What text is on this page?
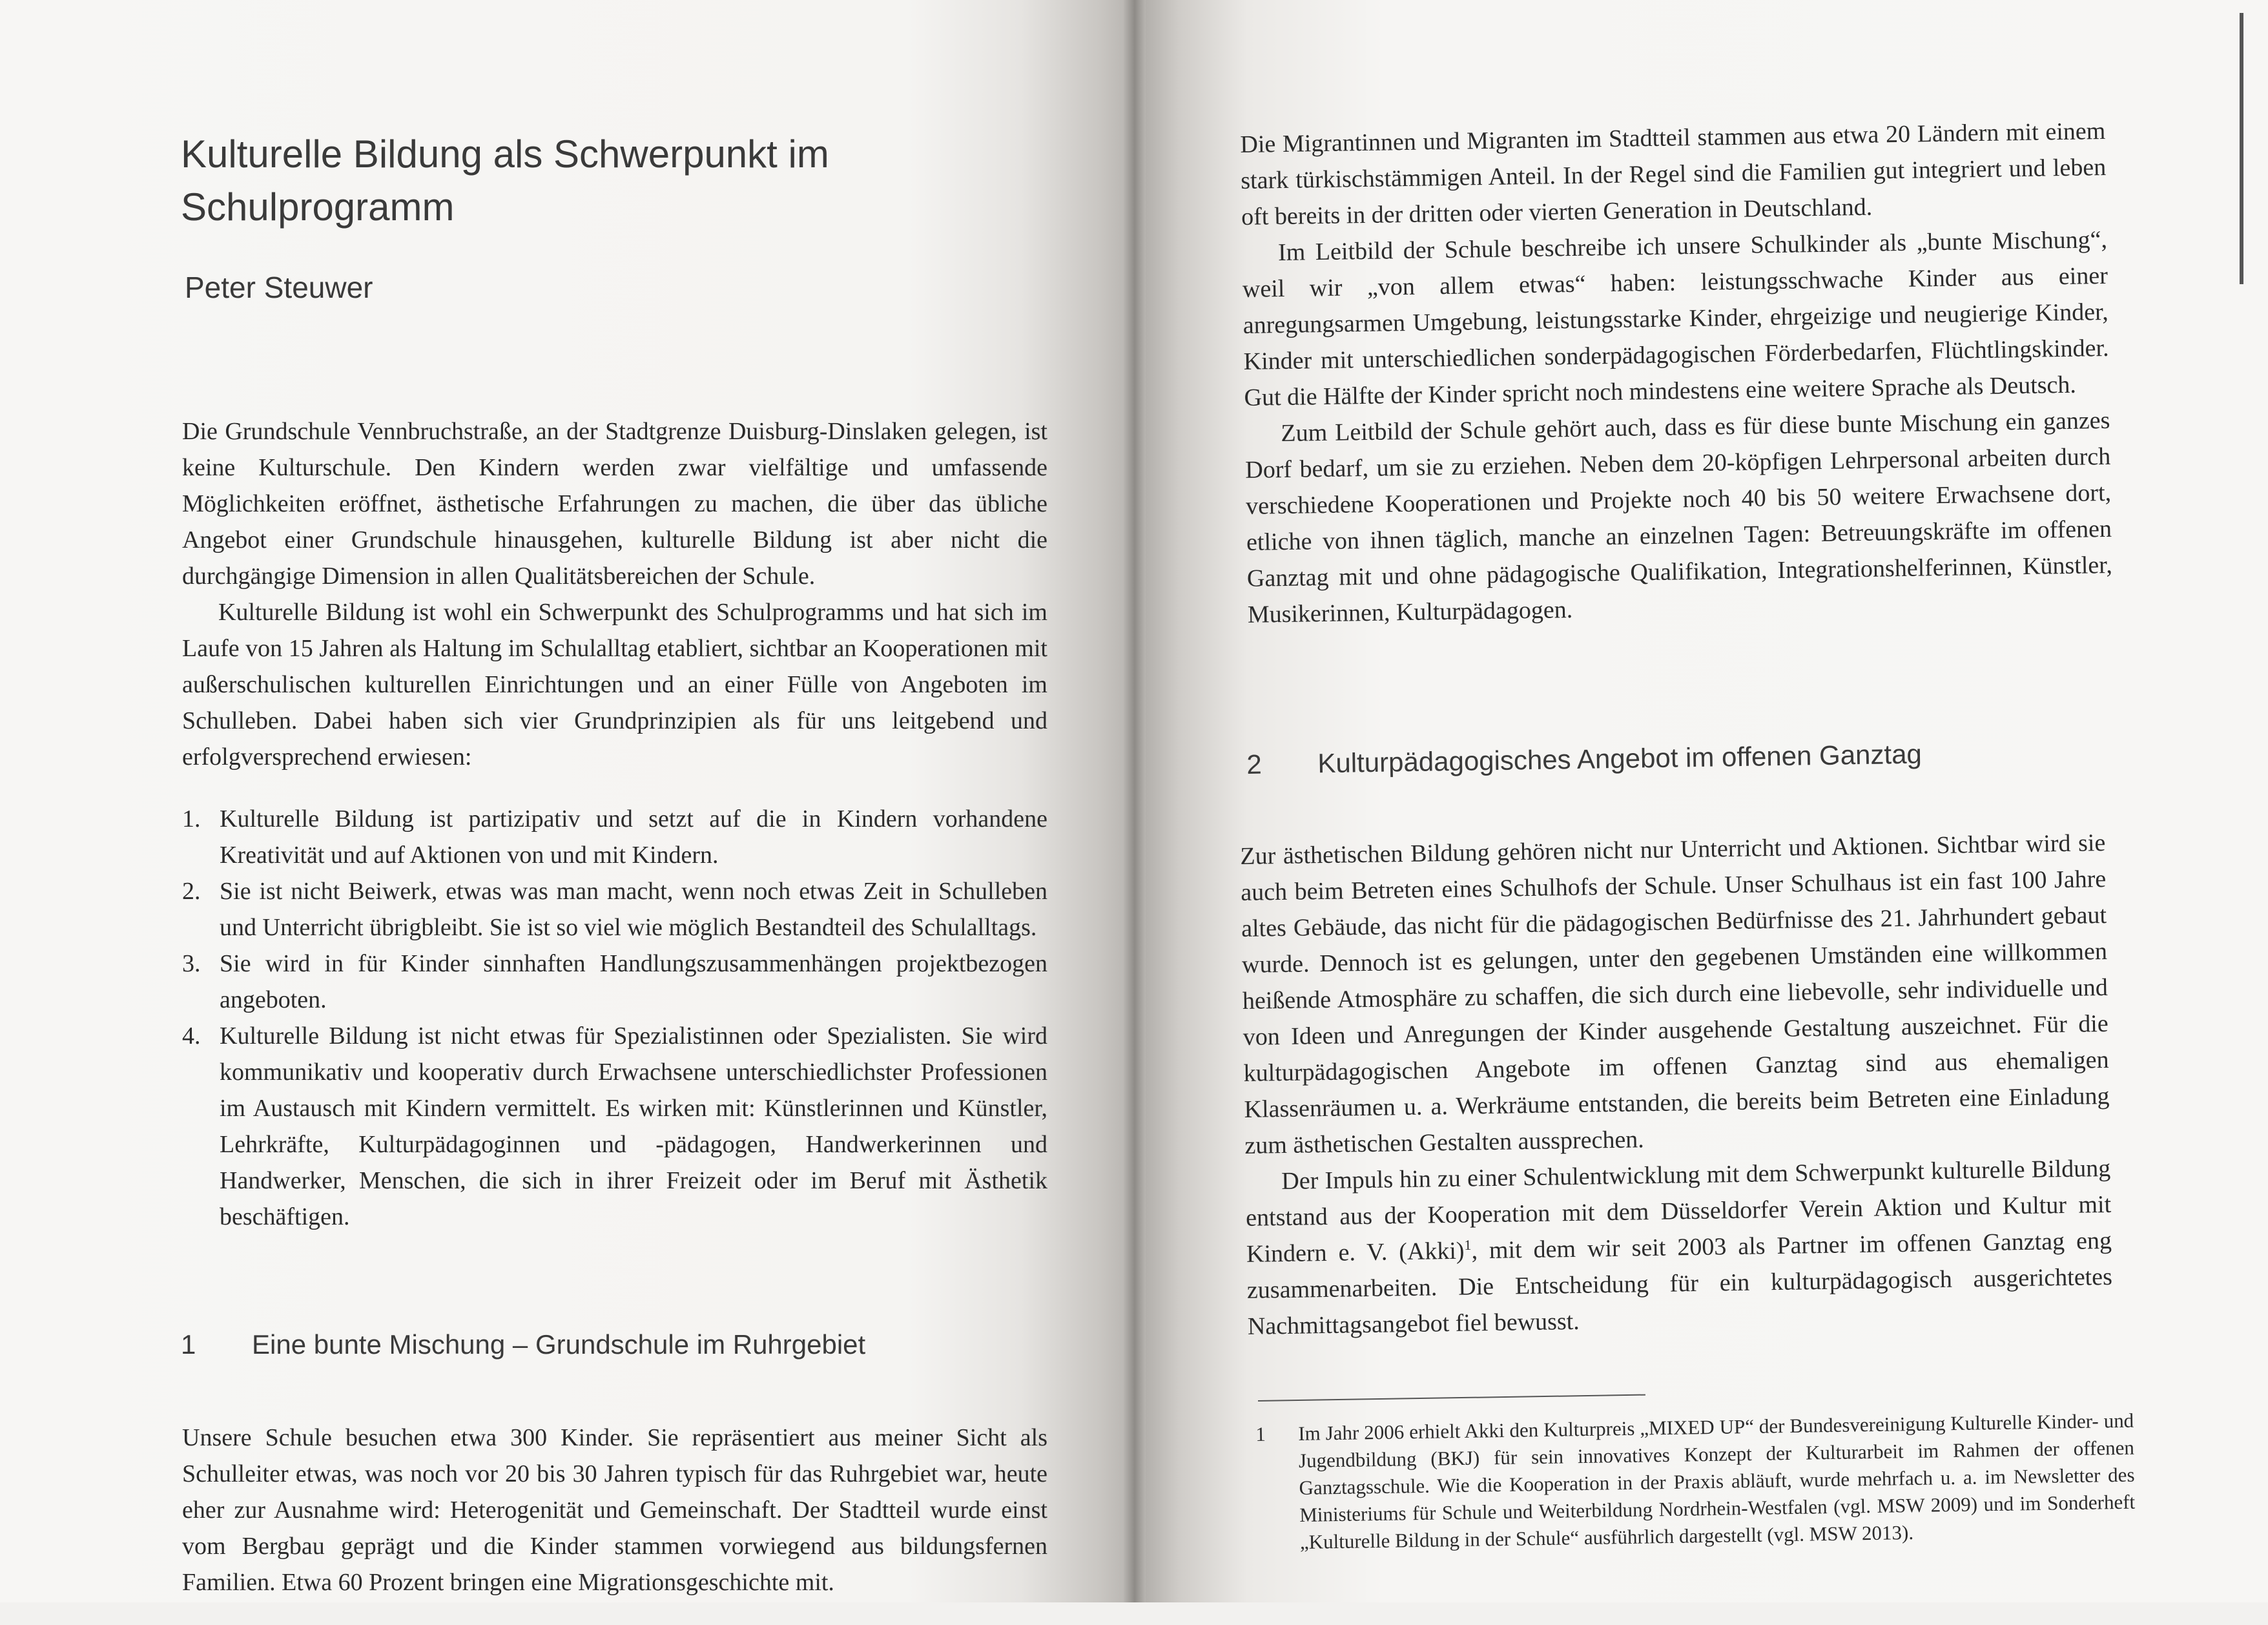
Kulturelle Bildung als Schwerpunkt im Schulprogramm
Peter Steuwer

Die Grundschule Vennbruchstraße, an der Stadtgrenze Duisburg-Dinslaken gelegen, ist keine Kulturschule. Den Kindern werden zwar vielfältige und umfassende Möglichkeiten eröffnet, ästhetische Erfahrungen zu machen, die über das übliche Angebot einer Grundschule hinausgehen, kulturelle Bildung ist aber nicht die durchgängige Dimension in allen Qualitätsbereichen der Schule.

Kulturelle Bildung ist wohl ein Schwerpunkt des Schulprogramms und hat sich im Laufe von 15 Jahren als Haltung im Schulalltag etabliert, sichtbar an Kooperationen mit außerschulischen kulturellen Einrichtungen und an einer Fülle von Angeboten im Schulleben. Dabei haben sich vier Grundprinzipien als für uns leitgebend und erfolgversprechend erwiesen:

1. Kulturelle Bildung ist partizipativ und setzt auf die in Kindern vorhandene Kreativität und auf Aktionen von und mit Kindern.
2. Sie ist nicht Beiwerk, etwas was man macht, wenn noch etwas Zeit in Schulleben und Unterricht übrigbleibt. Sie ist so viel wie möglich Bestandteil des Schulalltags.
3. Sie wird in für Kinder sinnhaften Handlungszusammenhängen projektbezogen angeboten.
4. Kulturelle Bildung ist nicht etwas für Spezialistinnen oder Spezialisten. Sie wird kommunikativ und kooperativ durch Erwachsene unterschiedlichster Professionen im Austausch mit Kindern vermittelt. Es wirken mit: Künstlerinnen und Künstler, Lehrkräfte, Kulturpädagoginnen und -pädagogen, Handwerkerinnen und Handwerker, Menschen, die sich in ihrer Freizeit oder im Beruf mit Ästhetik beschäftigen.
1 Eine bunte Mischung – Grundschule im Ruhrgebiet

Unsere Schule besuchen etwa 300 Kinder. Sie repräsentiert aus meiner Sicht als Schulleiter etwas, was noch vor 20 bis 30 Jahren typisch für das Ruhrgebiet war, heute eher zur Ausnahme wird: Heterogenität und Gemeinschaft. Der Stadtteil wurde einst vom Bergbau geprägt und die Kinder stammen vorwiegend aus bildungsfernen Familien. Etwa 60 Prozent bringen eine Migrationsgeschichte mit.

Die Migrantinnen und Migranten im Stadtteil stammen aus etwa 20 Ländern mit einem stark türkischstämmigen Anteil. In der Regel sind die Familien gut integriert und leben oft bereits in der dritten oder vierten Generation in Deutschland.

Im Leitbild der Schule beschreibe ich unsere Schulkinder als „bunte Mischung“, weil wir „von allem etwas“ haben: leistungsschwache Kinder aus einer anregungsarmen Umgebung, leistungsstarke Kinder, ehrgeizige und neugierige Kinder, Kinder mit unterschiedlichen sonderpädagogischen Förderbedarfen, Flüchtlingskinder. Gut die Hälfte der Kinder spricht noch mindestens eine weitere Sprache als Deutsch.

Zum Leitbild der Schule gehört auch, dass es für diese bunte Mischung ein ganzes Dorf bedarf, um sie zu erziehen. Neben dem 20-köpfigen Lehrpersonal arbeiten durch verschiedene Kooperationen und Projekte noch 40 bis 50 weitere Erwachsene dort, etliche von ihnen täglich, manche an einzelnen Tagen: Betreuungskräfte im offenen Ganztag mit und ohne pädagogische Qualifikation, Integrationshelferinnen, Künstler, Musikerinnen, Kulturpädagogen.

2 Kulturpädagogisches Angebot im offenen Ganztag

Zur ästhetischen Bildung gehören nicht nur Unterricht und Aktionen. Sichtbar wird sie auch beim Betreten eines Schulhofs der Schule. Unser Schulhaus ist ein fast 100 Jahre altes Gebäude, das nicht für die pädagogischen Bedürfnisse des 21. Jahrhundert gebaut wurde. Dennoch ist es gelungen, unter den gegebenen Umständen eine willkommen heißende Atmosphäre zu schaffen, die sich durch eine liebevolle, sehr individuelle und von Ideen und Anregungen der Kinder ausgehende Gestaltung auszeichnet. Für die kulturpädagogischen Angebote im offenen Ganztag sind aus ehemaligen Klassenräumen u. a. Werkräume entstanden, die bereits beim Betreten eine Einladung zum ästhetischen Gestalten aussprechen.

Der Impuls hin zu einer Schulentwicklung mit dem Schwerpunkt kulturelle Bildung entstand aus der Kooperation mit dem Düsseldorfer Verein Aktion und Kultur mit Kindern e. V. (Akki)$^1$, mit dem wir seit 2003 als Partner im offenen Ganztag eng zusammenarbeiten. Die Entscheidung für ein kulturpädagogisch ausgerichtetes Nachmittagsangebot fiel bewusst.

1	Im Jahr 2006 erhielt Akki den Kulturpreis „MIXED UP“ der Bundesvereinigung Kulturelle Kinder- und Jugendbildung (BKJ) für sein innovatives Konzept der Kulturarbeit im Rahmen der offenen Ganztagsschule. Wie die Kooperation in der Praxis abläuft, wurde mehrfach u. a. im Newsletter des Ministeriums für Schule und Weiterbildung Nordrhein-Westfalen (vgl. MSW 2009) und im Sonderheft „Kulturelle Bildung in der Schule“ ausführlich dargestellt (vgl. MSW 2013).
